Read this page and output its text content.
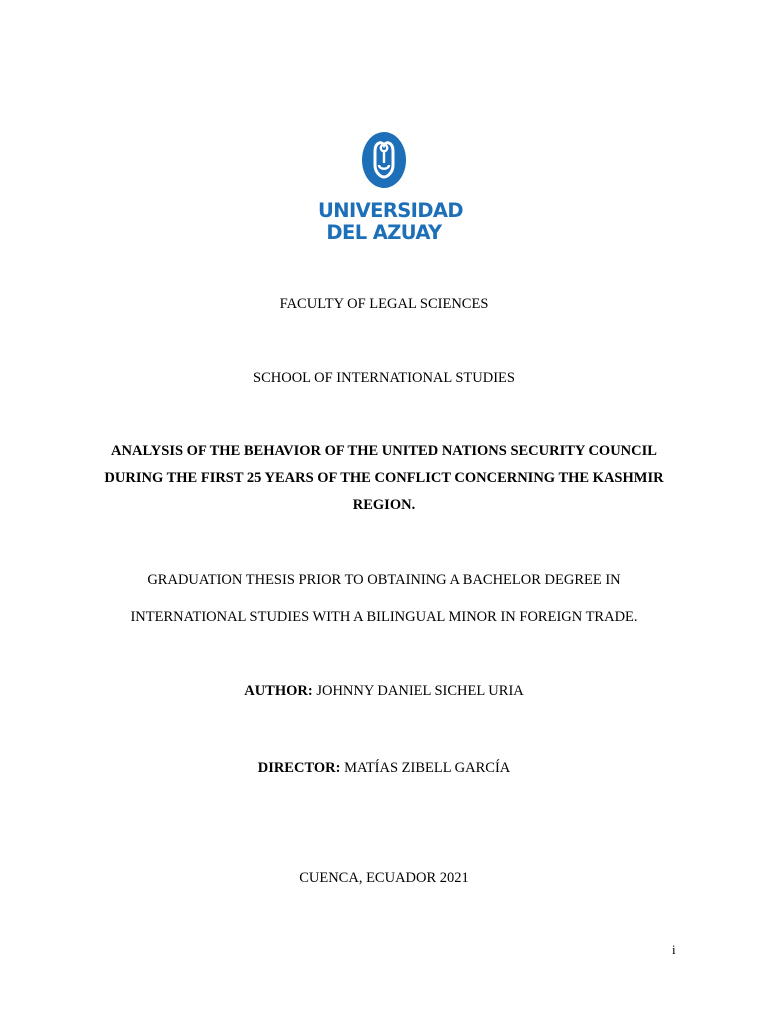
UNIVERSIDAD
DEL AZUAY
FACULTY OF LEGAL SCIENCES
SCHOOL OF INTERNATIONAL STUDIES
ANALYSIS OF THE BEHAVIOR OF THE UNITED NATIONS SECURITY COUNCIL DURING THE FIRST 25 YEARS OF THE CONFLICT CONCERNING THE KASHMIR REGION.
GRADUATION THESIS PRIOR TO OBTAINING A BACHELOR DEGREE IN
INTERNATIONAL STUDIES WITH A BILINGUAL MINOR IN FOREIGN TRADE.
AUTHOR: JOHNNY DANIEL SICHEL URIA
DIRECTOR: MATÍAS ZIBELL GARCÍA
CUENCA, ECUADOR 2021
i
